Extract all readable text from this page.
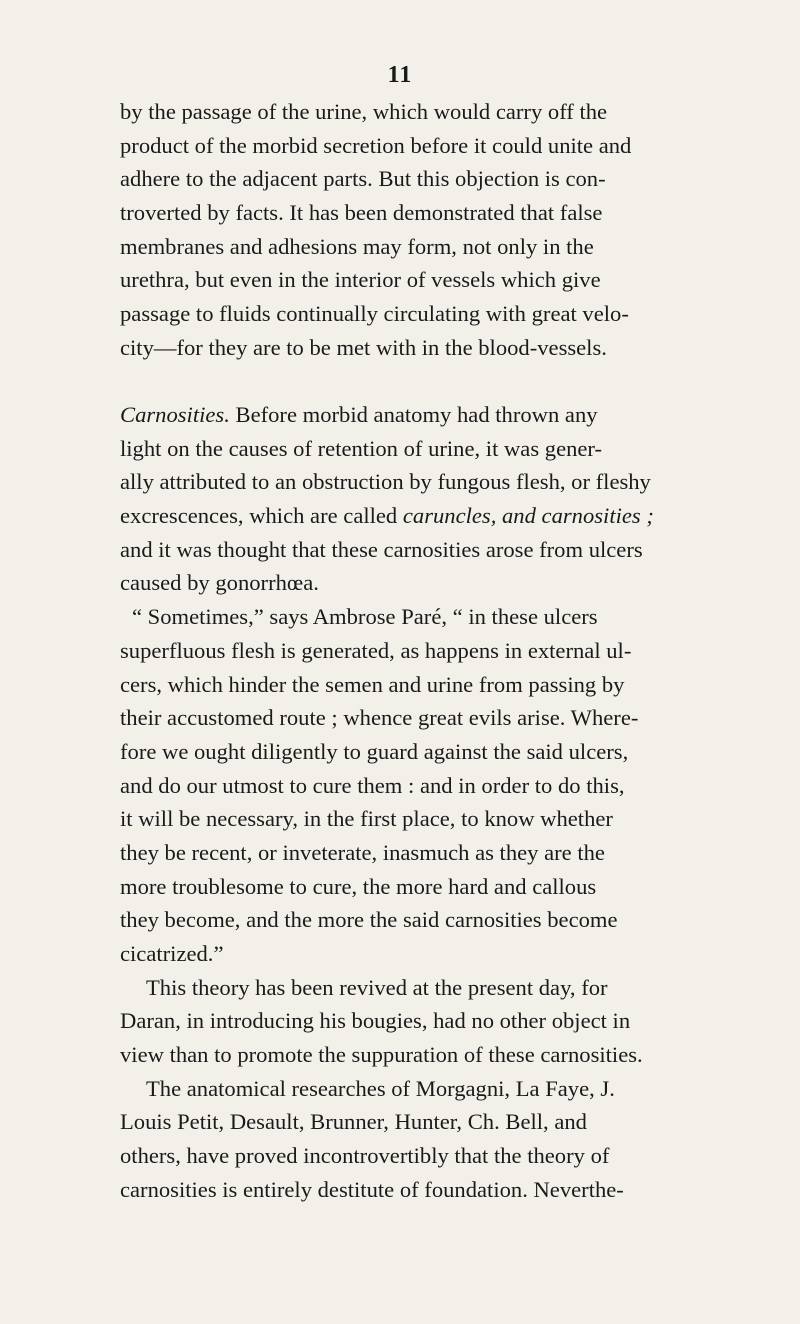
11
by the passage of the urine, which would carry off the
product of the morbid secretion before it could unite and
adhere to the adjacent parts. But this objection is con-
troverted by facts. It has been demonstrated that false
membranes and adhesions may form, not only in the
urethra, but even in the interior of vessels which give
passage to fluids continually circulating with great velo-
city—for they are to be met with in the blood-vessels.
Carnosities. Before morbid anatomy had thrown any
light on the causes of retention of urine, it was gener-
ally attributed to an obstruction by fungous flesh, or fleshy
excrescences, which are called caruncles, and carnosities ;
and it was thought that these carnosities arose from ulcers
caused by gonorrhœa.
“ Sometimes,” says Ambrose Paré, “ in these ulcers
superfluous flesh is generated, as happens in external ul-
cers, which hinder the semen and urine from passing by
their accustomed route ; whence great evils arise. Where-
fore we ought diligently to guard against the said ulcers,
and do our utmost to cure them : and in order to do this,
it will be necessary, in the first place, to know whether
they be recent, or inveterate, inasmuch as they are the
more troublesome to cure, the more hard and callous
they become, and the more the said carnosities become
cicatrized.”
This theory has been revived at the present day, for
Daran, in introducing his bougies, had no other object in
view than to promote the suppuration of these carnosities.
The anatomical researches of Morgagni, La Faye, J.
Louis Petit, Desault, Brunner, Hunter, Ch. Bell, and
others, have proved incontrovertibly that the theory of
carnosities is entirely destitute of foundation. Neverthe-
